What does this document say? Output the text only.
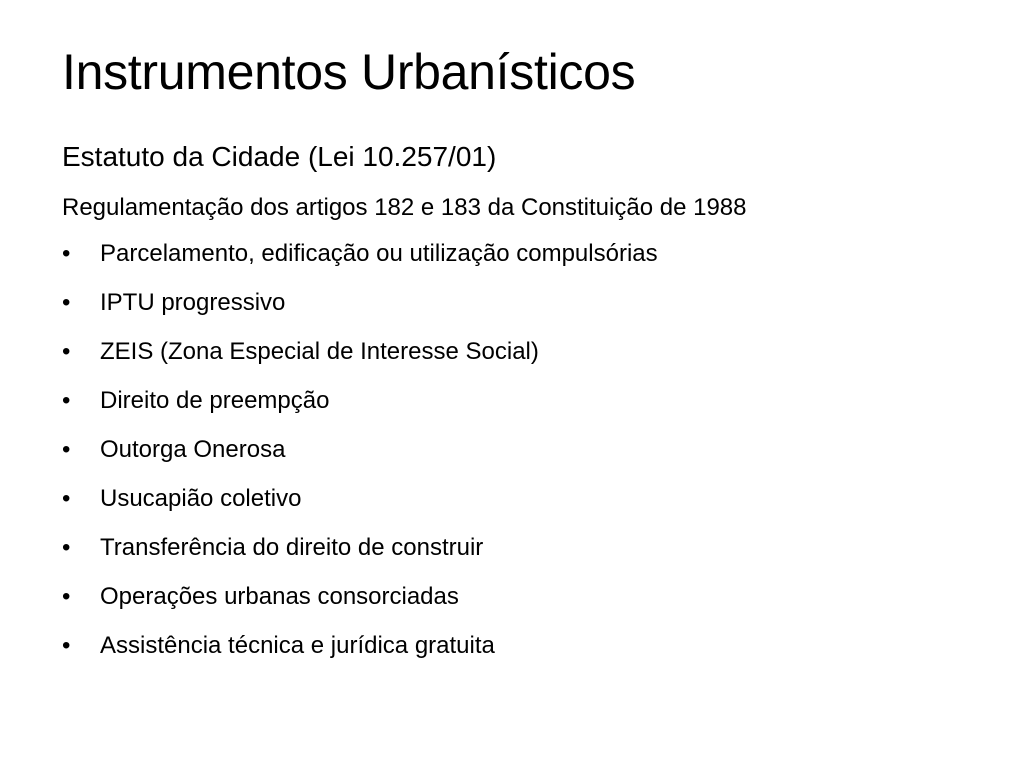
Instrumentos Urbanísticos

Estatuto da Cidade (Lei 10.257/01)

Regulamentação dos artigos 182 e 183 da Constituição de 1988

•	Parcelamento, edificação ou utilização compulsórias
•	IPTU progressivo
•	ZEIS (Zona Especial de Interesse Social)
•	Direito de preempção
•	Outorga Onerosa
•	Usucapião coletivo
•	Transferência do direito de construir
•	Operações urbanas consorciadas
•	Assistência técnica e jurídica gratuita
